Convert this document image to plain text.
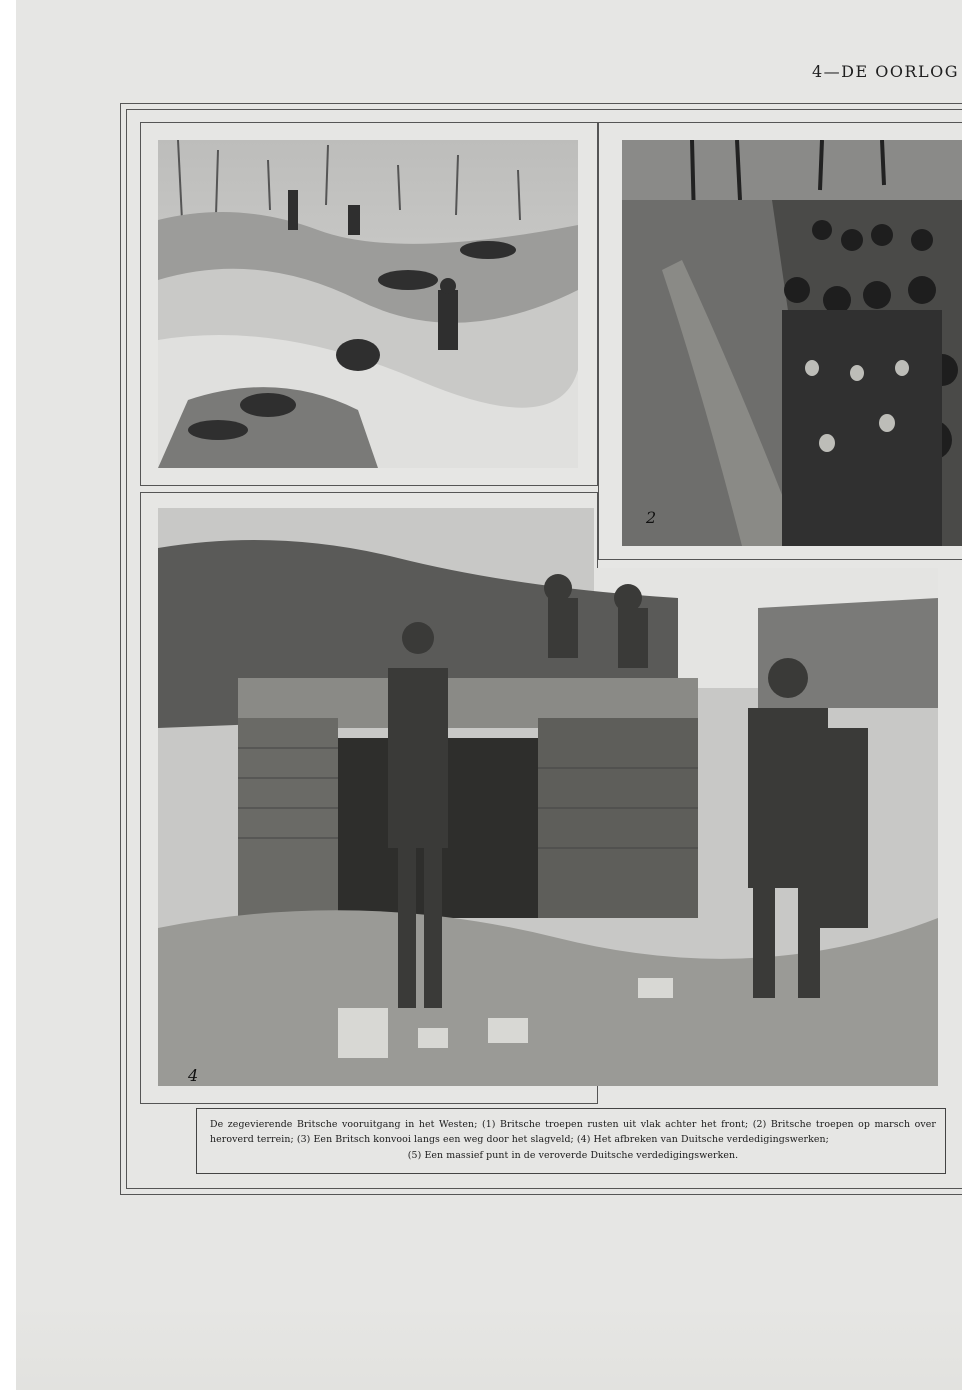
4—DE OORLOG
2
4
De zegevierende Britsche vooruitgang in het Westen; (1) Britsche troepen rusten uit vlak achter het front; (2) Britsche troepen op marsch over heroverd terrein; (3) Een Britsch konvooi langs een weg door het slagveld; (4) Het afbreken van Duitsche verdedigingswerken;
(5) Een massief punt in de veroverde Duitsche verdedigingswerken.
